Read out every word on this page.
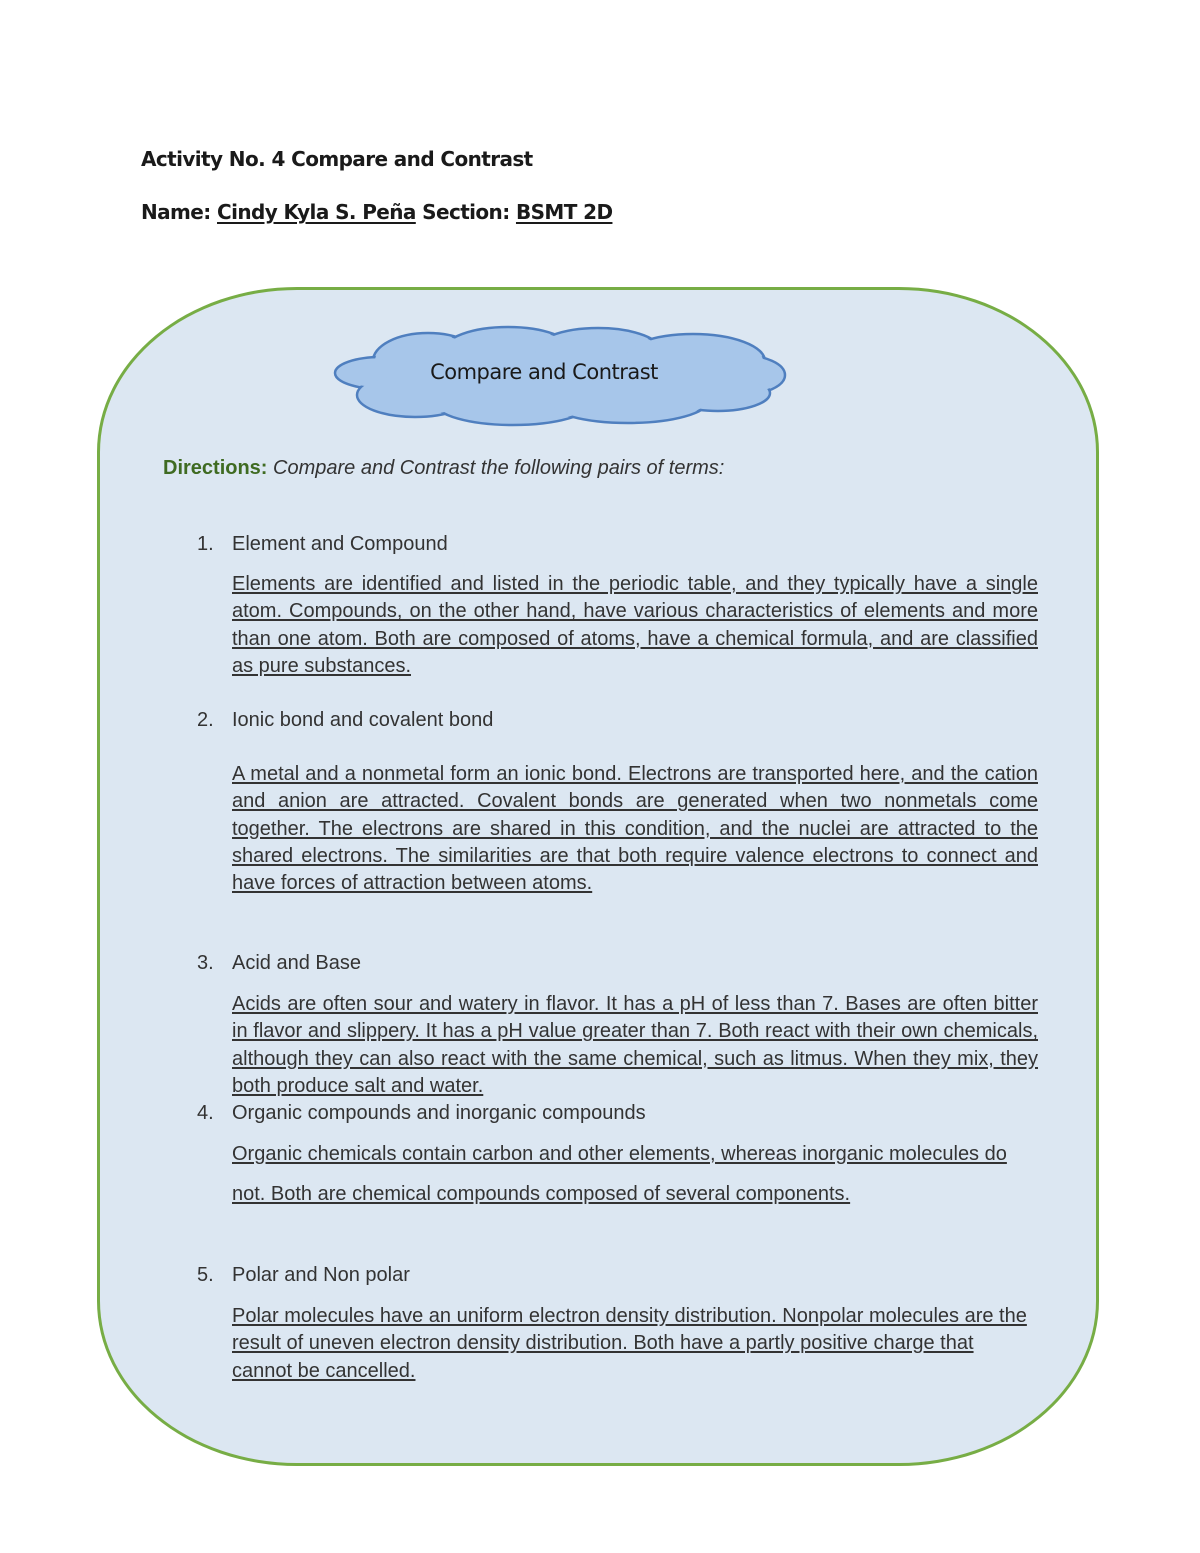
Activity No. 4 Compare and Contrast
Name: Cindy Kyla S. Peña Section: BSMT 2D
Compare and Contrast
Directions: Compare and Contrast the following pairs of terms:
1. Element and Compound
Elements are identified and listed in the periodic table, and they typically have a single atom. Compounds, on the other hand, have various characteristics of elements and more than one atom. Both are composed of atoms, have a chemical formula, and are classified as pure substances.
2. Ionic bond and covalent bond
A metal and a nonmetal form an ionic bond. Electrons are transported here, and the cation and anion are attracted. Covalent bonds are generated when two nonmetals come together. The electrons are shared in this condition, and the nuclei are attracted to the shared electrons. The similarities are that both require valence electrons to connect and have forces of attraction between atoms.
3. Acid and Base
Acids are often sour and watery in flavor. It has a pH of less than 7. Bases are often bitter in flavor and slippery. It has a pH value greater than 7. Both react with their own chemicals, although they can also react with the same chemical, such as litmus. When they mix, they both produce salt and water.
4. Organic compounds and inorganic compounds
Organic chemicals contain carbon and other elements, whereas inorganic molecules do not. Both are chemical compounds composed of several components.
5. Polar and Non polar
Polar molecules have an uniform electron density distribution. Nonpolar molecules are the result of uneven electron density distribution. Both have a partly positive charge that cannot be cancelled.
